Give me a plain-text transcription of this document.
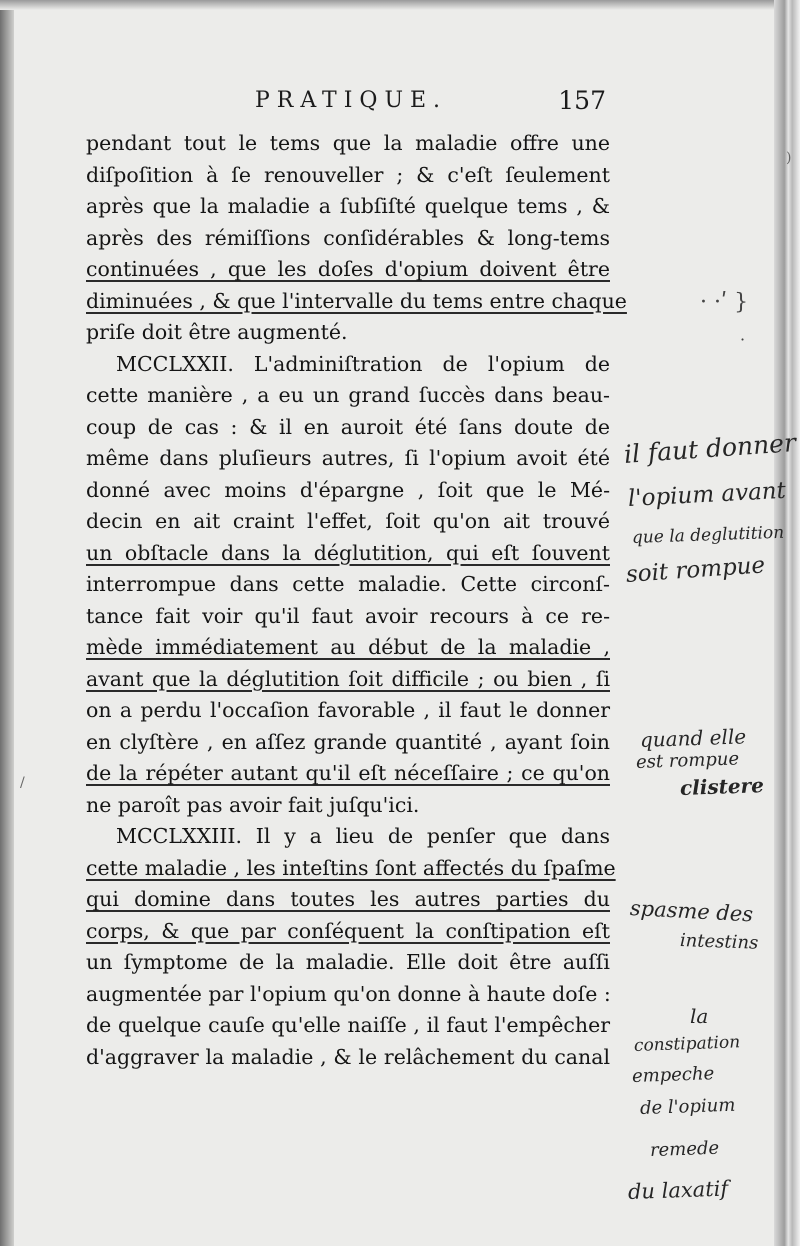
PRATIQUE.	157
pendant tout le tems que la maladie offre une
diſpoſition à ſe renouveller ; & c'eſt ſeulement
après que la maladie a ſubſiſté quelque tems , &
après des rémiſſions conſidérables & long-tems
continuées , que les doſes d'opium doivent être
diminuées , & que l'intervalle du tems entre chaque
priſe doit être augmenté.
MCCLXXII. L'adminiſtration de l'opium de
cette manière , a eu un grand ſuccès dans beau-
coup de cas : & il en auroit été ſans doute de
même dans pluſieurs autres, ſi l'opium avoit été
donné avec moins d'épargne , ſoit que le Mé-
decin en ait craint l'effet, ſoit qu'on ait trouvé
un obſtacle dans la déglutition, qui eſt ſouvent
interrompue dans cette maladie. Cette circonſ-
tance fait voir qu'il faut avoir recours à ce re-
mède immédiatement au début de la maladie ,
avant que la déglutition ſoit difficile ; ou bien , ſi
on a perdu l'occaſion favorable , il faut le donner
en clyſtère , en aſſez grande quantité , ayant ſoin
de la répéter autant qu'il eſt néceſſaire ; ce qu'on
ne paroît pas avoir fait juſqu'ici.
MCCLXXIII. Il y a lieu de penſer que dans
cette maladie , les inteſtins ſont affectés du ſpaſme
qui domine dans toutes les autres parties du
corps, & que par conſéquent la conſtipation eſt
un ſymptome de la maladie. Elle doit être auſſi
augmentée par l'opium qu'on donne à haute doſe :
de quelque cauſe qu'elle naiſſe , il faut l'empêcher
d'aggraver la maladie , & le relâchement du canal
· ·ʹ }
·
/
)
il faut donner
l'opium avant
que la deglutition
soit rompue
quand elle
est rompue
clistere
spasme des
intestins
la
constipation
empeche
de l'opium
remede
du laxatif
